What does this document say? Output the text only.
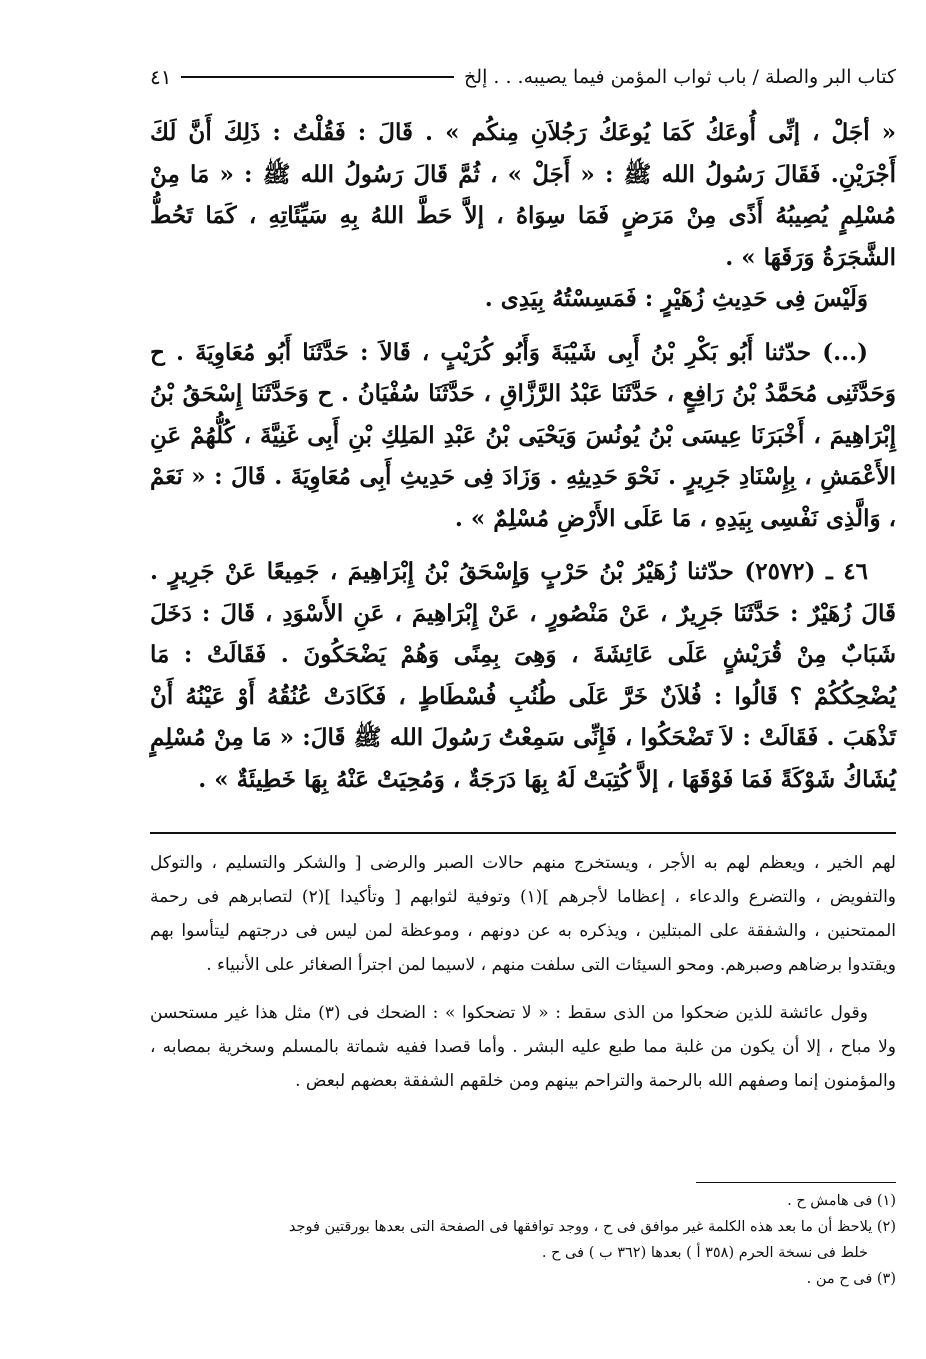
كتاب البر والصلة / باب ثواب المؤمن فيما يصيبه. . . إلخ
٤١

« أجَلْ ، إنِّى أُوعَكُ كَمَا يُوعَكُ رَجُلاَنِ مِنكُم » . قَالَ : فَقُلْتُ : ذَلِكَ أَنَّ لَكَ أَجْرَيْنِ. فَقَالَ رَسُولُ الله ﷺ : « أَجَلْ » ، ثُمَّ قَالَ رَسُولُ الله ﷺ : « مَا مِنْ مُسْلِمٍ يُصِيبُهُ أَذًى مِنْ مَرَضٍ فَمَا سِوَاهُ ، إلاَّ حَطَّ اللهُ بِهِ سَيِّئَاتِهِ ، كَمَا تَحُطُّ الشَّجَرَةُ وَرَقَهَا » .

وَلَيْسَ فِى حَدِيثِ زُهَيْرٍ : فَمَسِسْتُهُ بِيَدِى .

(...) حدّثنا أَبُو بَكْرِ بْنُ أَبِى شَيْبَةَ وَأَبُو كُرَيْبٍ ، قَالاَ : حَدَّثَنَا أَبُو مُعَاوِيَةَ . ح وَحَدَّثَنِى مُحَمَّدُ بْنُ رَافِعٍ ، حَدَّثَنَا عَبْدُ الرَّزَّاقِ ، حَدَّثَنَا سُفْيَانُ . ح وَحَدَّثَنَا إِسْحَقُ بْنُ إِبْرَاهِيمَ ، أَخْبَرَنَا عِيسَى بْنُ يُونُسَ وَيَحْيَى بْنُ عَبْدِ المَلِكِ بْنِ أَبِى غَنِيَّةَ ، كُلُّهُمْ عَنِ الأَعْمَشِ ، بِإِسْنَادِ جَرِيرٍ . نَحْوَ حَدِيثِهِ . وَزَادَ فِى حَدِيثِ أَبِى مُعَاوِيَةَ . قَالَ : « نَعَمْ ، وَالَّذِى نَفْسِى بِيَدِهِ ، مَا عَلَى الأَرْضِ مُسْلِمٌ » .

٤٦ ـ (٢٥٧٢) حدّثنا زُهَيْرُ بْنُ حَرْبٍ وَإِسْحَقُ بْنُ إِبْرَاهِيمَ ، جَمِيعًا عَنْ جَرِيرٍ . قَالَ زُهَيْرٌ : حَدَّثَنَا جَرِيرٌ ، عَنْ مَنْصُورٍ ، عَنْ إِبْرَاهِيمَ ، عَنِ الأَسْوَدِ ، قَالَ : دَخَلَ شَبَابٌ مِنْ قُرَيْشٍ عَلَى عَائِشَةَ ، وَهِىَ بِمِنًى وَهُمْ يَضْحَكُونَ . فَقَالَتْ : مَا يُضْحِكُكُمْ ؟ قَالُوا : فُلاَنٌ خَرَّ عَلَى طُنُبِ فُسْطَاطٍ ، فَكَادَتْ عُنُقُهُ أَوْ عَيْنُهُ أَنْ تَذْهَبَ . فَقَالَتْ : لاَ تَضْحَكُوا ، فَإِنِّى سَمِعْتُ رَسُولَ الله ﷺ قَالَ: « مَا مِنْ مُسْلِمٍ يُشَاكُ شَوْكَةً فَمَا فَوْقَهَا ، إلاَّ كُتِبَتْ لَهُ بِهَا دَرَجَةٌ ، وَمُحِيَتْ عَنْهُ بِهَا خَطِيئَةٌ » .

لهم الخير ، ويعظم لهم به الأجر ، ويستخرج منهم حالات الصبر والرضى [ والشكر والتسليم ، والتوكل والتفويض ، والتضرع والدعاء ، إعظاما لأجرهم ](١) وتوفية لثوابهم [ وتأكيدا ](٢) لتصابرهم فى رحمة الممتحنين ، والشفقة على المبتلين ، ويذكره به عن دونهم ، وموعظة لمن ليس فى درجتهم ليتأسوا بهم ويقتدوا برضاهم وصبرهم. ومحو السيئات التى سلفت منهم ، لاسيما لمن اجترأ الصغائر على الأنبياء .

وقول عائشة للذين ضحكوا من الذى سقط : « لا تضحكوا » : الضحك فى (٣) مثل هذا غير مستحسن ولا مباح ، إلا أن يكون من غلبة مما طبع عليه البشر . وأما قصدا ففيه شماتة بالمسلم وسخرية بمصابه ، والمؤمنون إنما وصفهم الله بالرحمة والتراحم بينهم ومن خلقهم الشفقة بعضهم لبعض .

(١) فى هامش ح .

(٢) يلاحظ أن ما بعد هذه الكلمة غير موافق فى ح ، ووجد توافقها فى الصفحة التى بعدها بورقتين فوجد

خلط فى نسخة الحرم (٣٥٨ أ ) بعدها (٣٦٢ ب ) فى ح .

(٣) فى ح من .
